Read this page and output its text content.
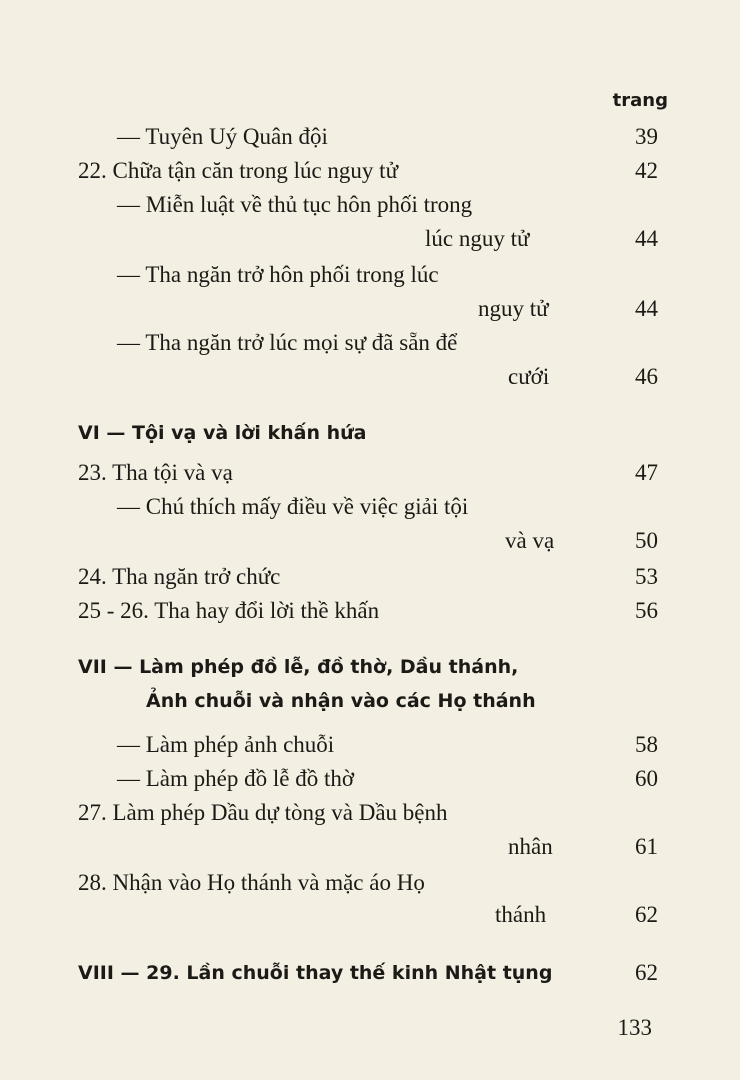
trang
— Tuyên Uý Quân đội	39
22. Chữa tận căn trong lúc nguy tử	42
— Miễn luật về thủ tục hôn phối trong
lúc nguy tử	44
— Tha ngăn trở hôn phối trong lúc
nguy tử	44
— Tha ngăn trở lúc mọi sự đã sẵn để
cưới	46
VI — Tội vạ và lời khấn hứa
23. Tha tội và vạ	47
— Chú thích mấy điều về việc giải tội
và vạ	50
24. Tha ngăn trở chức	53
25 - 26. Tha hay đổi lời thề khấn	56
VII — Làm phép đồ lễ, đồ thờ, Dầu thánh,
Ảnh chuỗi và nhận vào các Họ thánh
— Làm phép ảnh chuỗi	58
— Làm phép đồ lễ đồ thờ	60
27. Làm phép Dầu dự tòng và Dầu bệnh
nhân	61
28. Nhận vào Họ thánh và mặc áo Họ
thánh	62
VIII — 29. Lần chuỗi thay thế kinh Nhật tụng	62
133
